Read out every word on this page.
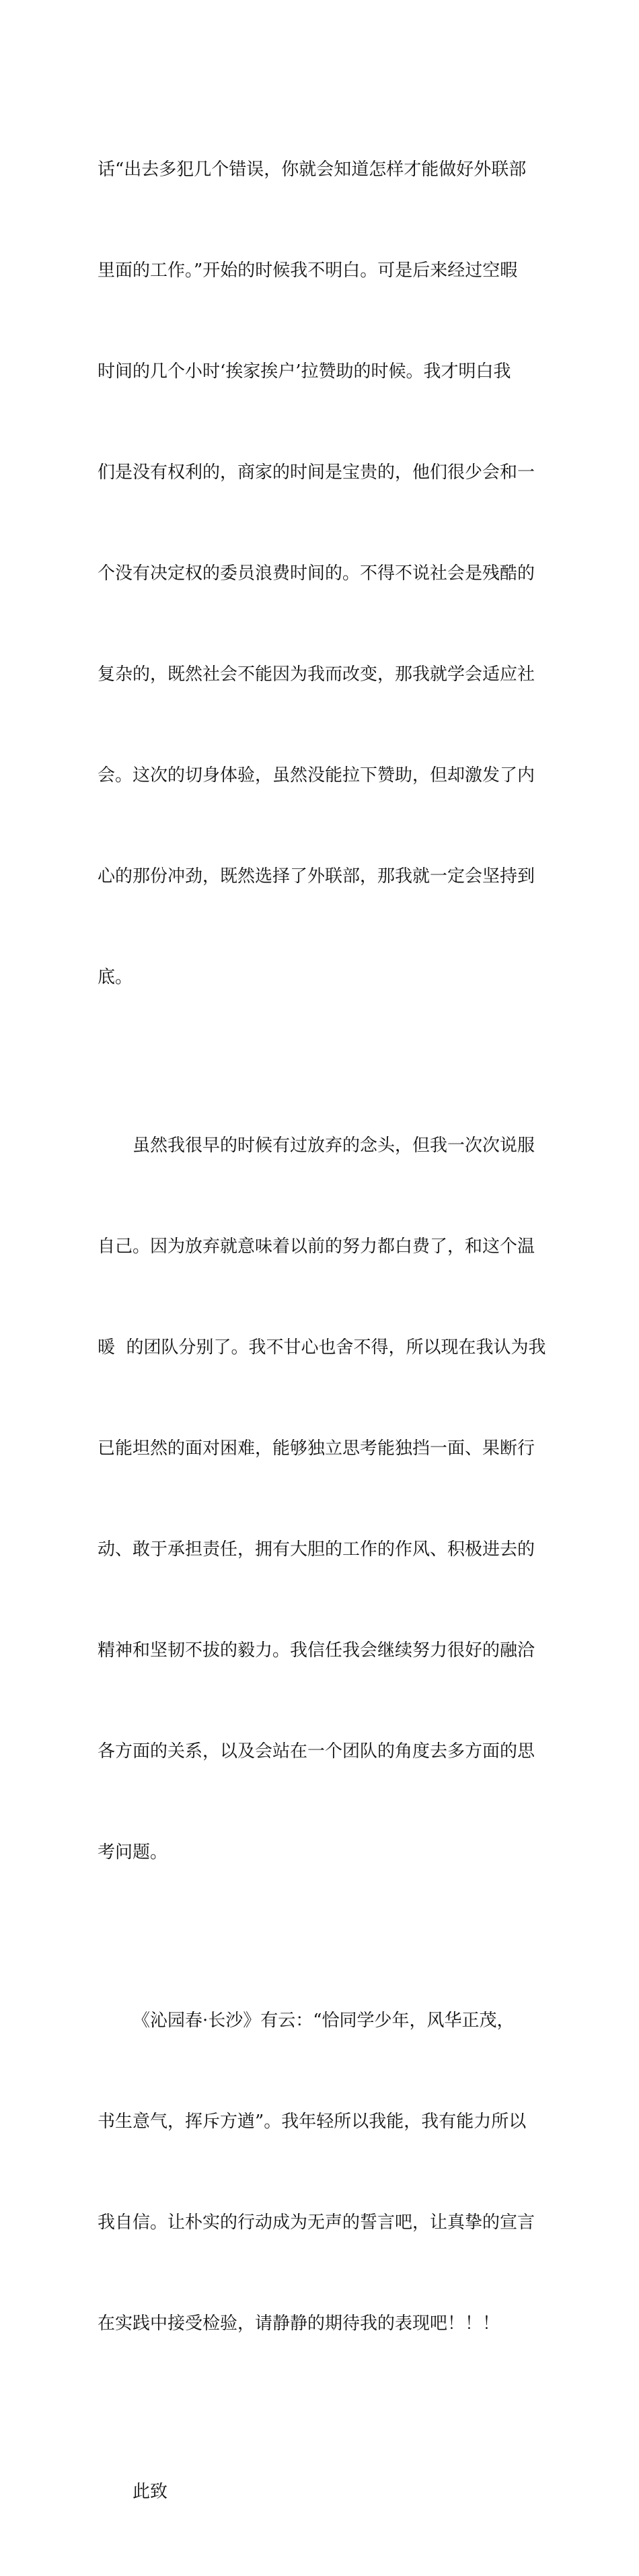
话“出去多犯几个错误，你就会知道怎样才能做好外联部

里面的工作。”开始的时候我不明白。可是后来经过空暇

时间的几个小时‘挨家挨户’拉赞助的时候。我才明白我

们是没有权利的，商家的时间是宝贵的，他们很少会和一

个没有决定权的委员浪费时间的。不得不说社会是残酷的

复杂的，既然社会不能因为我而改变，那我就学会适应社

会。这次的切身体验，虽然没能拉下赞助，但却激发了内

心的那份冲劲，既然选择了外联部，那我就一定会坚持到

底。

虽然我很早的时候有过放弃的念头，但我一次次说服

自己。因为放弃就意味着以前的努力都白费了，和这个温

暖  的团队分别了。我不甘心也舍不得，所以现在我认为我

已能坦然的面对困难，能够独立思考能独挡一面、果断行

动、敢于承担责任，拥有大胆的工作的作风、积极进去的

精神和坚韧不拔的毅力。我信任我会继续努力很好的融洽

各方面的关系，以及会站在一个团队的角度去多方面的思

考问题。

《沁园春·长沙》有云：“恰同学少年，风华正茂，

书生意气，挥斥方遒”。我年轻所以我能，我有能力所以

我自信。让朴实的行动成为无声的誓言吧，让真挚的宣言

在实践中接受检验，请静静的期待我的表现吧！！！

此致
